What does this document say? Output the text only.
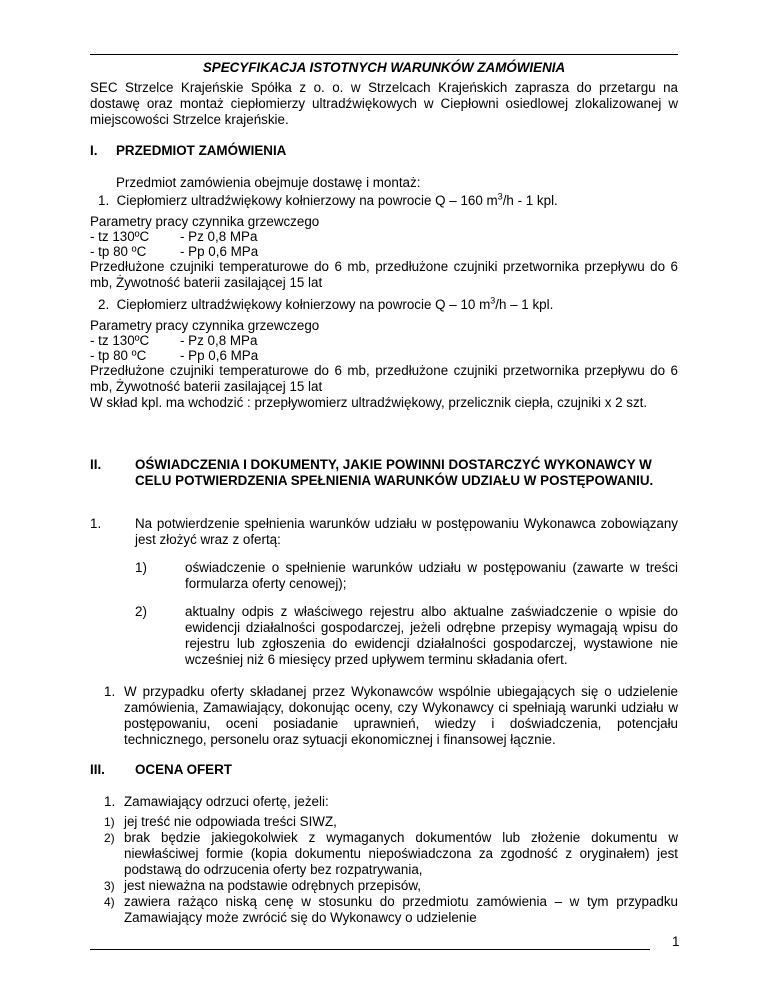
SPECYFIKACJA ISTOTNYCH WARUNKÓW ZAMÓWIENIA
SEC Strzelce Krajeńskie Spółka z o. o. w Strzelcach Krajeńskich zaprasza do przetargu na dostawę oraz montaż ciepłomierzy ultradźwiękowych w Ciepłowni osiedlowej zlokalizowanej w miejscowości Strzelce krajeńskie.
I. PRZEDMIOT ZAMÓWIENIA
Przedmiot zamówienia obejmuje dostawę i montaż:
1. Ciepłomierz ultradźwiękowy kołnierzowy na powrocie Q – 160 $m^3/h - 1$ kpl.
Parametry pracy czynnika grzewczego
- tz 130ºC - Pz 0,8 MPa
- tp 80 ºC	- Pp 0,6 MPa
Przedłużone czujniki temperaturowe do 6 mb, przedłużone czujniki przetwornika przepływu do 6 mb, Żywotność baterii zasilającej 15 lat
2. Ciepłomierz ultradźwiękowy kołnierzowy na powrocie Q – 10 $m^3/h - 1$ kpl.
Parametry pracy czynnika grzewczego
- tz 130ºC - Pz 0,8 MPa
- tp 80 ºC	- Pp 0,6 MPa
Przedłużone czujniki temperaturowe do 6 mb, przedłużone czujniki przetwornika przepływu do 6 mb, Żywotność baterii zasilającej 15 lat
W skład kpl. ma wchodzić : przepływomierz ultradźwiękowy, przelicznik ciepła, czujniki x 2 szt.
II.	OŚWIADCZENIA I DOKUMENTY, JAKIE POWINNI DOSTARCZYĆ WYKONAWCY W CELU POTWIERDZENIA SPEŁNIENIA WARUNKÓW UDZIAŁU W POSTĘPOWANIU.
1.	Na potwierdzenie spełnienia warunków udziału w postępowaniu Wykonawca zobowiązany jest złożyć wraz z ofertą:
1)	oświadczenie o spełnienie warunków udziału w postępowaniu (zawarte w treści formularza oferty cenowej);
2)	aktualny odpis z właściwego rejestru albo aktualne zaświadczenie o wpisie do ewidencji działalności gospodarczej, jeżeli odrębne przepisy wymagają wpisu do rejestru lub zgłoszenia do ewidencji działalności gospodarczej, wystawione nie wcześniej niż 6 miesięcy przed upływem terminu składania ofert.
1. W przypadku oferty składanej przez Wykonawców wspólnie ubiegających się o udzielenie zamówienia, Zamawiający, dokonując oceny, czy Wykonawcy ci spełniają warunki udziału w postępowaniu, oceni posiadanie uprawnień, wiedzy i doświadczenia, potencjału technicznego, personelu oraz sytuacji ekonomicznej i finansowej łącznie.
III. OCENA OFERT
1. Zamawiający odrzuci ofertę, jeżeli:
1) jej treść nie odpowiada treści SIWZ,
2) brak będzie jakiegokolwiek z wymaganych dokumentów lub złożenie dokumentu w niewłaściwej formie (kopia dokumentu niepoświadczona za zgodność z oryginałem) jest podstawą do odrzucenia oferty bez rozpatrywania,
3) jest nieważna na podstawie odrębnych przepisów,
4) zawiera rażąco niską cenę w stosunku do przedmiotu zamówienia – w tym przypadku Zamawiający może zwrócić się do Wykonawcy o udzielenie
1
